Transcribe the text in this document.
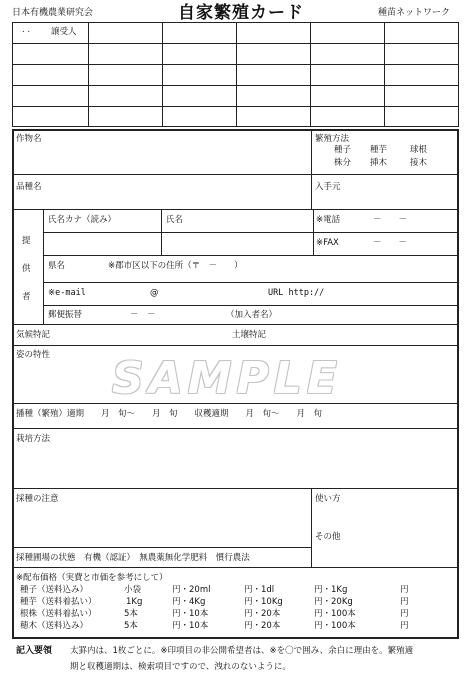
日本有機農業研究会	自家繁殖カード	種苗ネットワーク
. . 譲受人
作物名	繁殖方法
種子 種芋	球根
株分 挿木	接木
品種名	入手元
提
供
者
氏名カナ（読み）	氏名	※電話	－　　－
※FAX	－　　－
県名	※郡市区以下の住所（〒　－　　）
※e-mail	@	URL http://
郵便振替	－　－	（加入者名）
気候特記	土壌特記
姿の特性 SAMPLE
播種（繁殖）適期　　月　旬～　　月　旬　　収穫適期　　月　旬～　　月　旬
栽培方法
採種の注意	使い方
その他
採種圃場の状態　有機（認証）　無農薬無化学肥料　慣行農法
※配布価格（実費と市価を参考にして）
種子（送料込み）	小袋	円・20ml	円・1dl	円・1Kg	円
種芋（送料着払い）	1Kg	円・4Kg	円・10Kg	円・20Kg	円
根株（送料着払い）	5本	円・10本	円・20本	円・100本	円
穂木（送料込み）	5本	円・10本	円・20本	円・100本	円
記入要領 太罫内は、1枚ごとに。※印項目の非公開希望者は、※を〇で囲み、余白に理由を。繁殖適
期と収穫適期は、検索項目ですので、洩れのないように。
